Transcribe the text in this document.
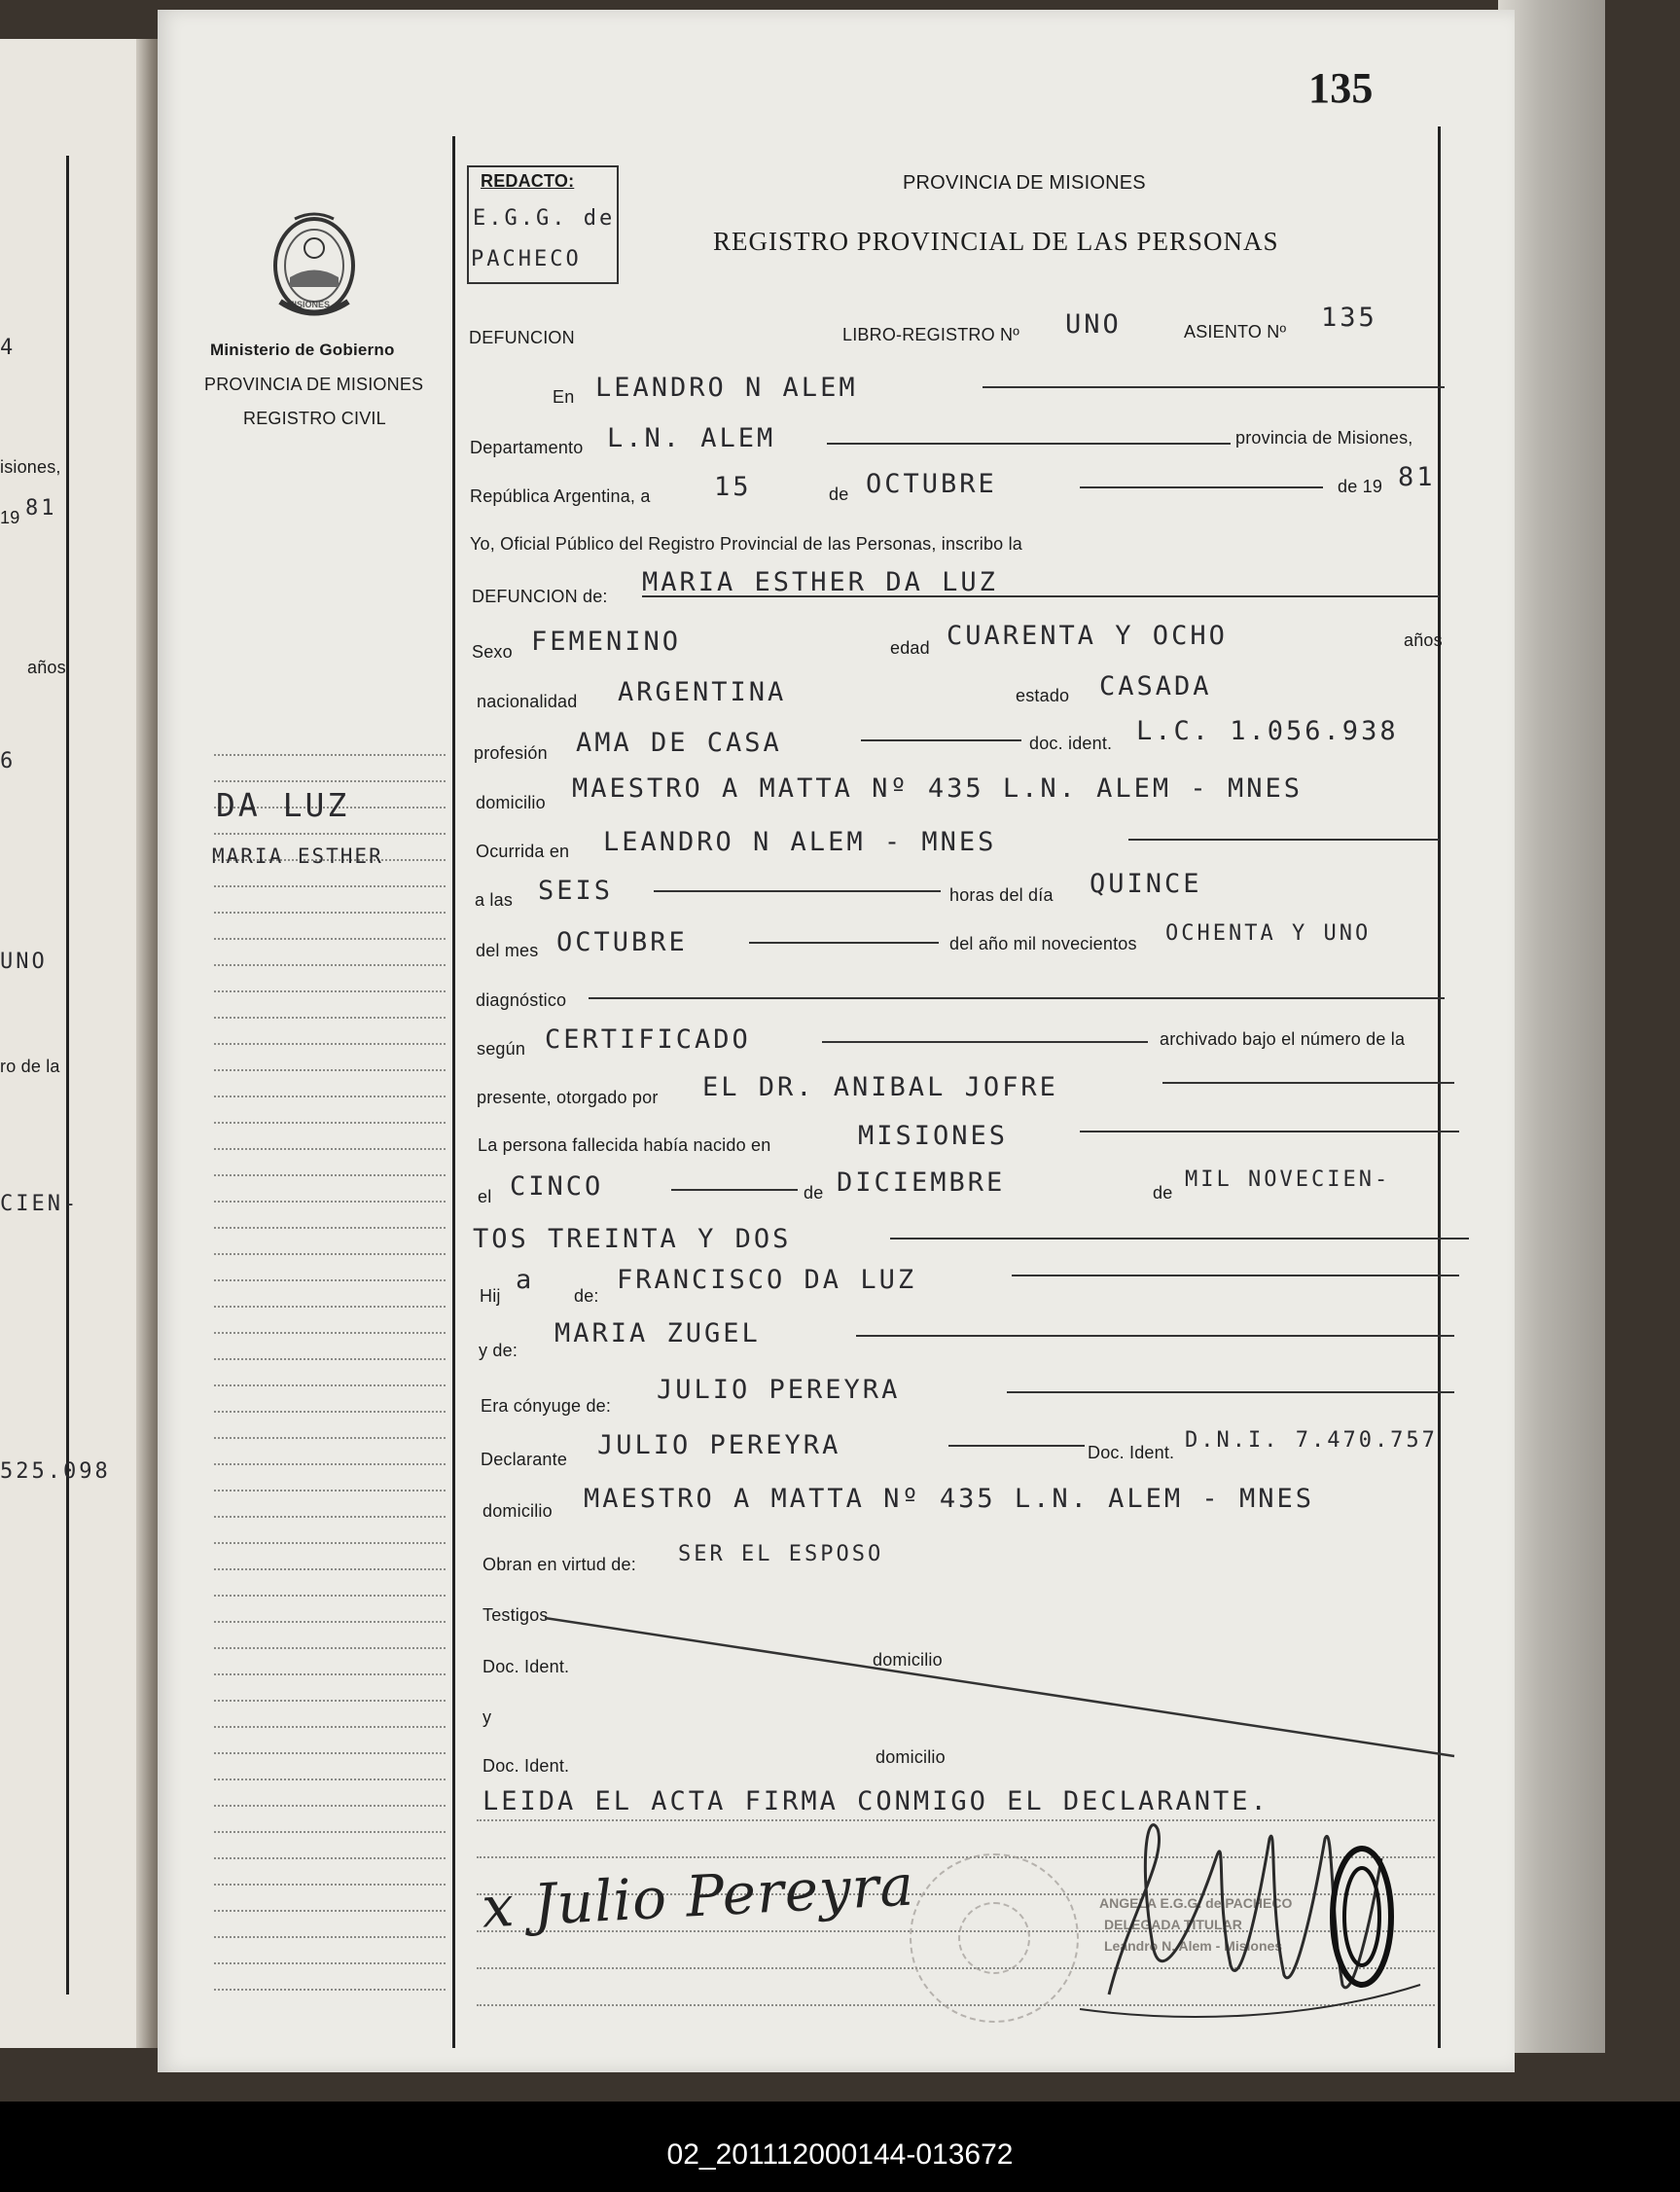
4
isiones,
19 81
años
6
UNO
ro de la
CIEN-
525.098
135
MISIONES
Ministerio de Gobierno
PROVINCIA DE MISIONES
REGISTRO CIVIL
DA LUZ
MARIA ESTHER
REDACTO:
E.G.G. de
PACHECO
PROVINCIA DE MISIONES
REGISTRO PROVINCIAL DE LAS PERSONAS
DEFUNCION	LIBRO-REGISTRO Nº UNO	ASIENTO Nº 135
En LEANDRO N ALEM
Departamento L.N. ALEM	provincia de Misiones,
República Argentina, a 15	de OCTUBRE	de 19 81
Yo, Oficial Público del Registro Provincial de las Personas, inscribo la
DEFUNCION de: MARIA ESTHER DA LUZ
Sexo FEMENINO	edad CUARENTA Y OCHO	años
nacionalidad ARGENTINA	estado CASADA
profesión AMA DE CASA	doc. ident. L.C. 1.056.938
domicilio MAESTRO A MATTA Nº 435 L.N. ALEM - MNES
Ocurrida en LEANDRO N ALEM - MNES
a las SEIS	horas del día QUINCE
del mes OCTUBRE	del año mil novecientos OCHENTA Y UNO
diagnóstico
según CERTIFICADO	archivado bajo el número de la
presente, otorgado por EL DR. ANIBAL JOFRE
La persona fallecida había nacido en	MISIONES
el CINCO	de DICIEMBRE	de
MIL NOVECIEN-
TOS TREINTA Y DOS
Hij
a
de:
FRANCISCO DA LUZ
y de:
MARIA ZUGEL
Era cónyuge de:
JULIO PEREYRA
Declarante JULIO PEREYRA	Doc. Ident. D.N.I. 7.470.757
domicilio MAESTRO A MATTA Nº 435 L.N. ALEM - MNES
Obran en virtud de: SER EL ESPOSO
Testigos
Doc. Ident.	domicilio
y
Doc. Ident.	domicilio
LEIDA EL ACTA FIRMA CONMIGO EL DECLARANTE.
x Julio Pereyra	ANGELA E.G.G. de PACHECO
DELEGADA TITULAR
Leandro N. Alem - Misiones
02_201112000144-013672
